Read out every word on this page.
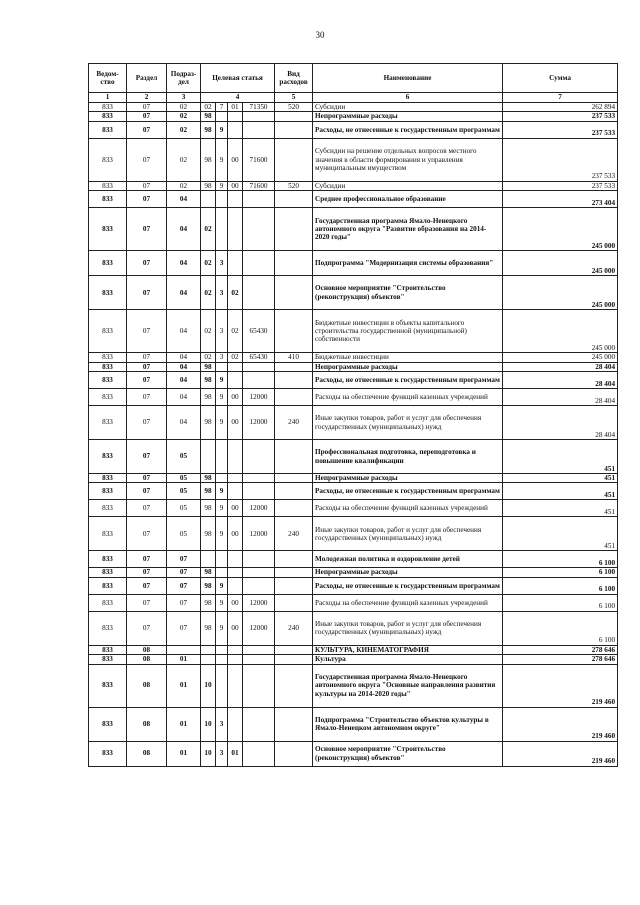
30
Ведом-ство	Раздел	Подраз-дел	Целевая статья				Вид расходов	Наименование	Сумма
1	2	3	4				5	6	7
833	07	02	02	7	01	71350	520	Субсидии	262 894
833	07	02	98					Непрограммные расходы	237 533
833	07	02	98	9				Расходы, не отнесенные к государственным программам	237 533
833	07	02	98	9	00	71600		Субсидии на решение отдельных вопросов местного значения в области формирования и управления муниципальным имуществом	237 533
833	07	02	98	9	00	71600	520	Субсидии	237 533
833	07	04						Среднее профессиональное образование	273 404
833	07	04	02					Государственная программа Ямало-Ненецкого автономного округа "Развитие образования на 2014-2020 годы"	245 000
833	07	04	02	3				Подпрограмма "Модернизация системы образования"	245 000
833	07	04	02	3	02			Основное мероприятие "Строительство (реконструкция) объектов"	245 000
833	07	04	02	3	02	65430		Бюджетные инвестиции в объекты капитального строительства государственной (муниципальной) собственности	245 000
833	07	04	02	3	02	65430	410	Бюджетные инвестиции	245 000
833	07	04	98					Непрограммные расходы	28 404
833	07	04	98	9				Расходы, не отнесенные к государственным программам	28 404
833	07	04	98	9	00	12000		Расходы на обеспечение функций казенных учреждений	28 404
833	07	04	98	9	00	12000	240	Иные закупки товаров, работ и услуг для обеспечения государственных (муниципальных) нужд	28 404
833	07	05						Профессиональная подготовка, переподготовка и повышение квалификации	451
833	07	05	98					Непрограммные расходы	451
833	07	05	98	9				Расходы, не отнесенные к государственным программам	451
833	07	05	98	9	00	12000		Расходы на обеспечение функций казенных учреждений	451
833	07	05	98	9	00	12000	240	Иные закупки товаров, работ и услуг для обеспечения государственных (муниципальных) нужд	451
833	07	07						Молодежная политика и оздоровление детей	6 100
833	07	07	98					Непрограммные расходы	6 100
833	07	07	98	9				Расходы, не отнесенные к государственным программам	6 100
833	07	07	98	9	00	12000		Расходы на обеспечение функций казенных учреждений	6 100
833	07	07	98	9	00	12000	240	Иные закупки товаров, работ и услуг для обеспечения государственных (муниципальных) нужд	6 100
833	08							КУЛЬТУРА, КИНЕМАТОГРАФИЯ	278 646
833	08	01						Культура	278 646
833	08	01	10					Государственная программа Ямало-Ненецкого автономного округа "Основные направления развития культуры на 2014-2020 годы"	219 460
833	08	01	10	3				Подпрограмма "Строительство объектов культуры в Ямало-Ненецком автономном округе"	219 460
833	08	01	10	3	01			Основное мероприятие "Строительство (реконструкция) объектов"	219 460
